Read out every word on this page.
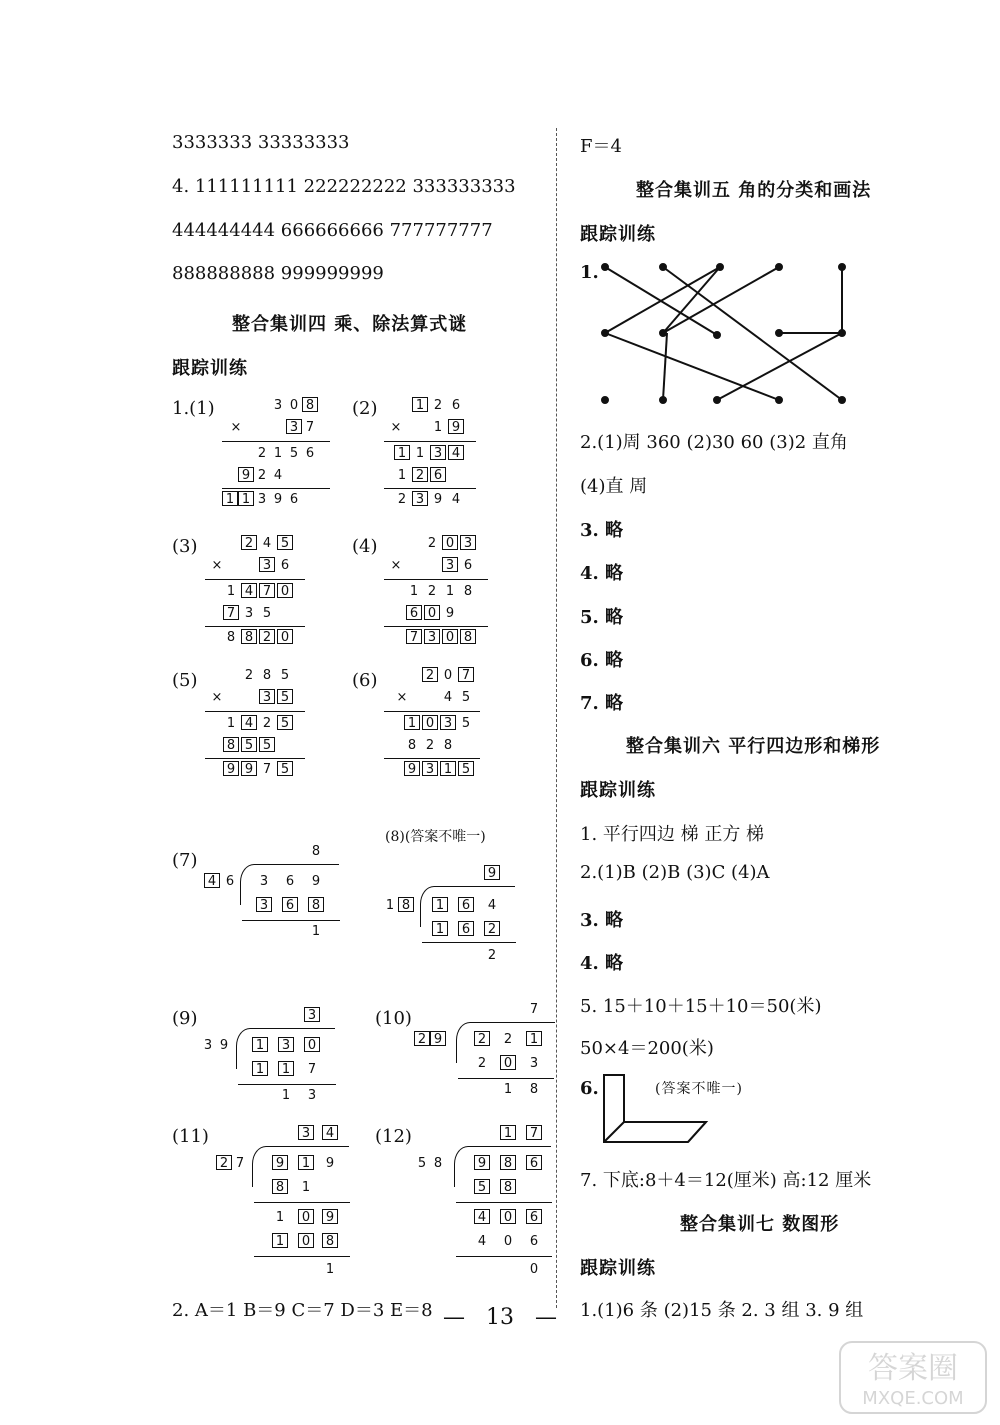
3333333 33333333
4. 111111111 222222222 333333333
444444444 666666666 777777777
888888888 999999999
整合集训四 乘、除法算式谜
跟踪训练
1.(1)	(2)
(3)	(4)
(5)	(6)
(7)
(8)(答案不唯一)
(9)	(10)
(11)	(12)
3 0 8
×	3 7
2 1 5 6
9 2 4
1 1 3 9 6
1 2 6
× 1 9
1 1 3 4
1 2 6
2 3 9 4
2 4 5
×	3 6
1 4 7 0
7 3 5
8 8 2 0
2 0 3
×	3 6
1 2 1 8
6 0 9
7 3 0 8
2 8 5
×	3 5
1 4 2 5
8 5 5
9 9 7 5
2 0 7
×	4 5
1 0 3 5
8 2 8
9 3 1 5
8
4 6 3 6 9
3 6 8
1
9
1 8 1 6 4
1 6 2
2
3
3 9 1 3 0
1 1 7
1 3
7
2 9	2 2 1
2 0 3
1 8
3 4
2 7 9 1 9
8 1
1 0 9
1 0 8
1
1 7
5 8	9 8 6
5 8
4 0 6
4 0 6
0
2. A＝1 B＝9 C＝7 D＝3 E＝8
F＝4
整合集训五 角的分类和画法
跟踪训练
1.
2.(1)周 360 (2)30 60 (3)2 直角
(4)直 周
3. 略
4. 略
5. 略
6. 略
7. 略
整合集训六 平行四边形和梯形
跟踪训练
1. 平行四边 梯 正方 梯
2.(1)B (2)B (3)C (4)A
3. 略
4. 略
5. 15＋10＋15＋10＝50(米)
50×4＝200(米)
6.	(答案不唯一)
7. 下底:8＋4＝12(厘米) 高:12 厘米
整合集训七 数图形
跟踪训练
1.(1)6 条 (2)15 条 2. 3 组 3. 9 组
— 13 —
答案圈
MXQE.COM
